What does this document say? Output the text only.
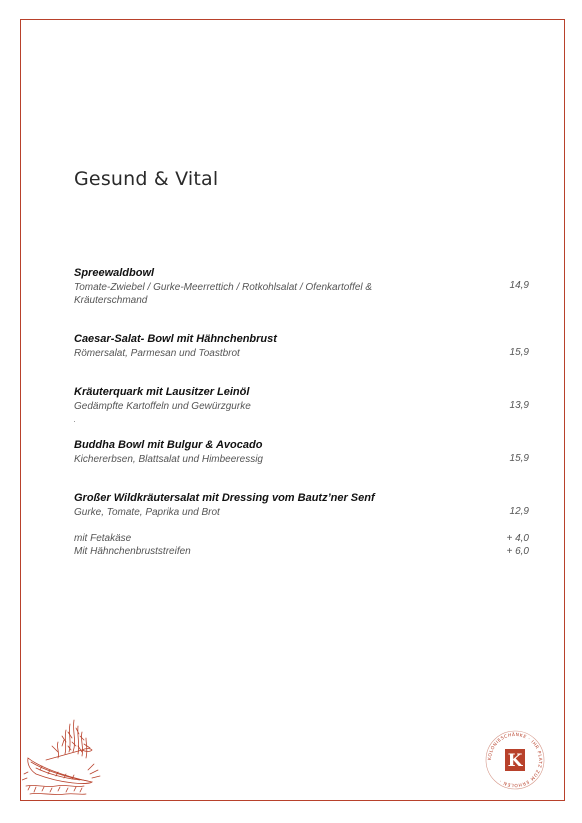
Gesund & Vital
Spreewaldbowl
Tomate-Zwiebel / Gurke-Meerrettich / Rotkohlsalat / Ofenkartoffel & Kräuterschmand
14,9
Caesar-Salat- Bowl mit Hähnchenbrust
Römersalat, Parmesan und Toastbrot	15,9
Kräuterquark mit Lausitzer Leinöl
Gedämpfte Kartoffeln und Gewürzgurke	13,9
Buddha Bowl mit Bulgur & Avocado
Kichererbsen, Blattsalat und Himbeeressig	15,9
Großer Wildkräutersalat mit Dressing vom Bautz’ner Senf
Gurke, Tomate, Paprika und Brot	12,9
mit Fetakäse	+ 4,0
Mit Hähnchenbruststreifen	+ 6,0
KOLONIESCHÄNKE · IHR PLATZ ZUM ERHOLEN ·
K
